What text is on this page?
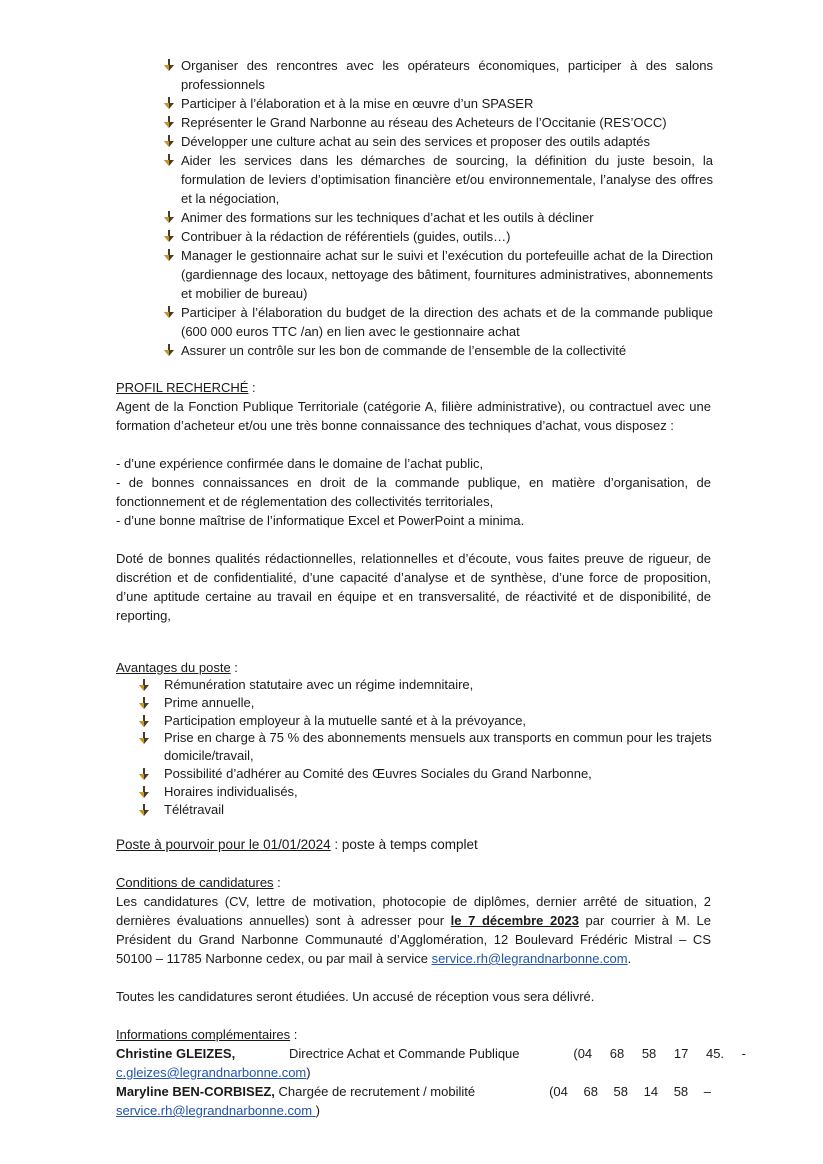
Organiser des rencontres avec les opérateurs économiques, participer à des salons professionnels
Participer à l’élaboration et à la mise en œuvre d’un SPASER
Représenter le Grand Narbonne au réseau des Acheteurs de l’Occitanie (RES’OCC)
Développer une culture achat au sein des services et proposer des outils adaptés
Aider les services dans les démarches de sourcing, la définition du juste besoin, la formulation de leviers d’optimisation financière et/ou environnementale, l’analyse des offres et la négociation,
Animer des formations sur les techniques d’achat et les outils à décliner
Contribuer à la rédaction de référentiels (guides, outils…)
Manager le gestionnaire achat sur le suivi et l’exécution du portefeuille achat de la Direction (gardiennage des locaux, nettoyage des bâtiment, fournitures administratives, abonnements et mobilier de bureau)
Participer à l’élaboration du budget de la direction des achats et de la commande publique (600 000 euros TTC /an) en lien avec le gestionnaire achat
Assurer un contrôle sur les bon de commande de l’ensemble de la collectivité

PROFIL RECHERCHÉ :

Agent de la Fonction Publique Territoriale (catégorie A, filière administrative), ou contractuel avec une formation d’acheteur et/ou une très bonne connaissance des techniques d’achat, vous disposez :

- d’une expérience confirmée dans le domaine de l’achat public,

- de bonnes connaissances en droit de la commande publique, en matière d’organisation, de fonctionnement et de réglementation des collectivités territoriales,

- d’une bonne maîtrise de l’informatique Excel et PowerPoint a minima.

Doté de bonnes qualités rédactionnelles, relationnelles et d’écoute, vous faites preuve de rigueur, de discrétion et de confidentialité, d’une capacité d’analyse et de synthèse, d’une force de proposition, d’une aptitude certaine au travail en équipe et en transversalité, de réactivité et de disponibilité, de reporting,

Avantages du poste :

Rémunération statutaire avec un régime indemnitaire,
Prime annuelle,
Participation employeur à la mutuelle santé et à la prévoyance,
Prise en charge à 75 % des abonnements mensuels aux transports en commun pour les trajets domicile/travail,
Possibilité d’adhérer au Comité des Œuvres Sociales du Grand Narbonne,
Horaires individualisés,
Télétravail

Poste à pourvoir pour le 01/01/2024 : poste à temps complet

Conditions de candidatures :

Les candidatures (CV, lettre de motivation, photocopie de diplômes, dernier arrêté de situation, 2 dernières évaluations annuelles) sont à adresser pour le 7 décembre 2023 par courrier à M. Le Président du Grand Narbonne Communauté d’Agglomération, 12 Boulevard Frédéric Mistral – CS 50100 – 11785 Narbonne cedex, ou par mail à service service.rh@legrandnarbonne.com.

Toutes les candidatures seront étudiées. Un accusé de réception vous sera délivré.

Informations complémentaires :

Christine GLEIZES,	Directrice Achat et Commande Publique	(04 68 58 17 45. -

c.gleizes@legrandnarbonne.com)

Maryline BEN-CORBISEZ, Chargée de recrutement / mobilité	(04 68 58 14 58 –

service.rh@legrandnarbonne.com )
